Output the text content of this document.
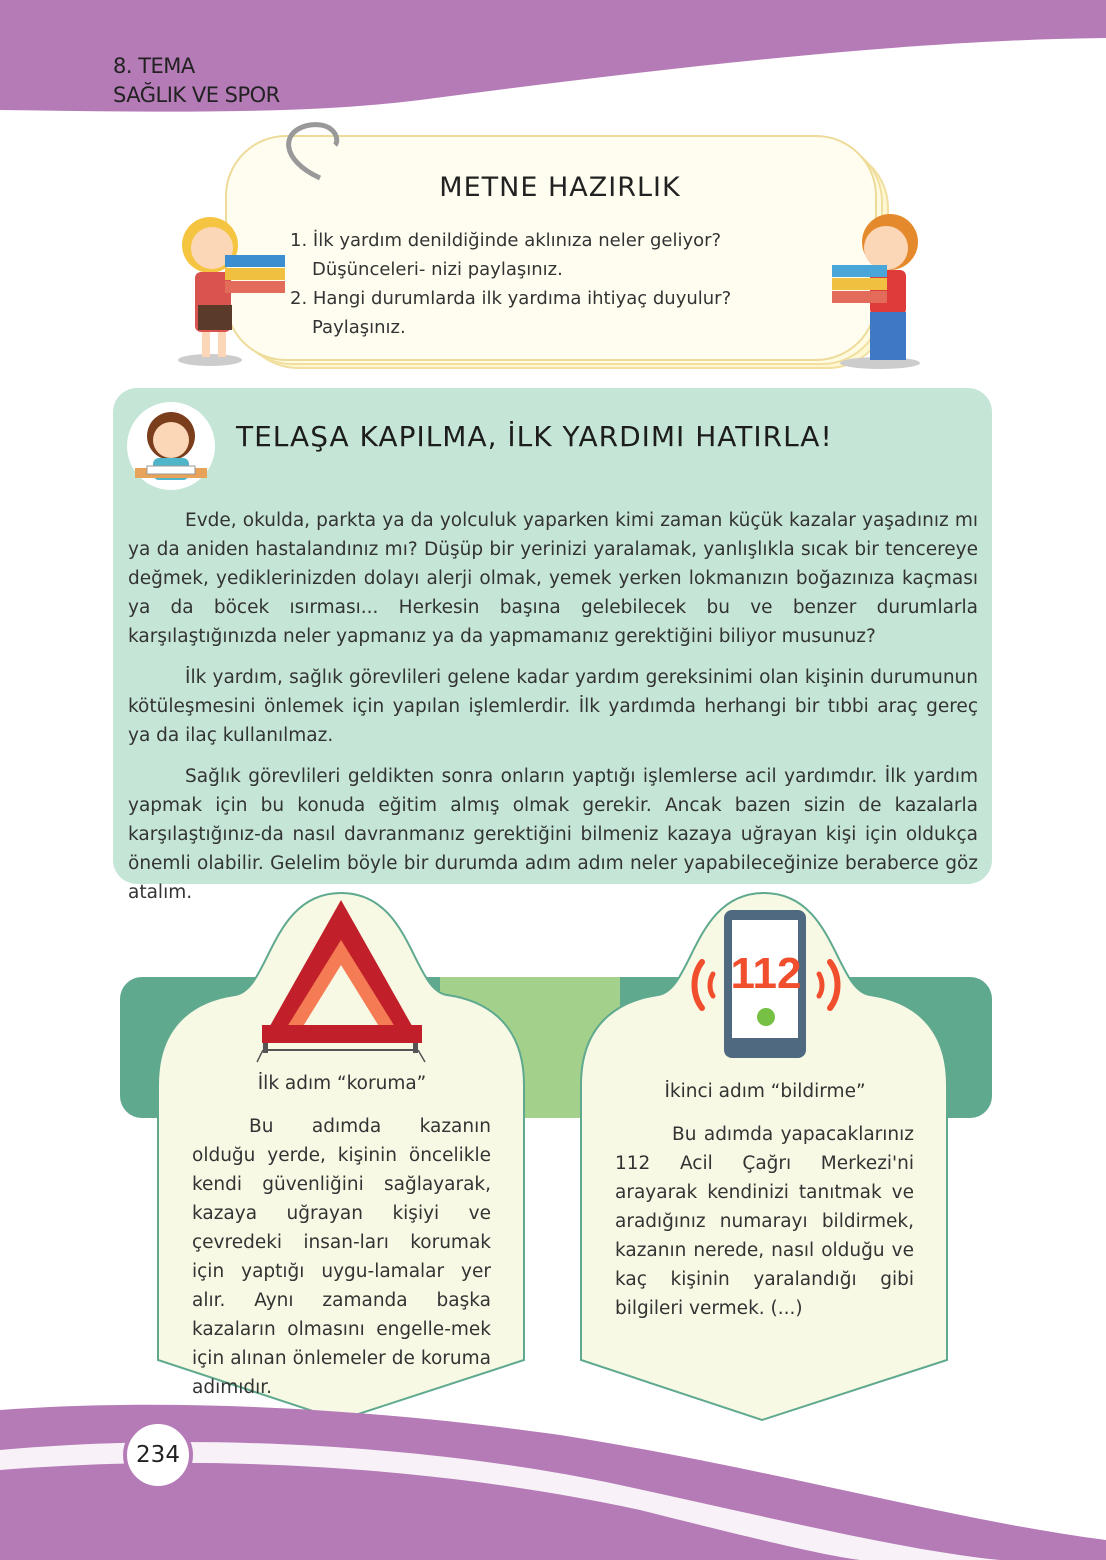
8. TEMA
SAĞLIK VE SPOR
METNE HAZIRLIK
1. İlk yardım denildiğinde aklınıza neler geliyor? Düşünceleri- nizi paylaşınız.
2. Hangi durumlarda ilk yardıma ihtiyaç duyulur? Paylaşınız.
TELAŞA KAPILMA, İLK YARDIMI HATIRLA!

Evde, okulda, parkta ya da yolculuk yaparken kimi zaman küçük kazalar yaşadınız mı ya da aniden hastalandınız mı? Düşüp bir yerinizi yaralamak, yanlışlıkla sıcak bir tencereye değmek, yediklerinizden dolayı alerji olmak, yemek yerken lokmanızın boğazınıza kaçması ya da böcek ısırması... Herkesin başına gelebilecek bu ve benzer durumlarla karşılaştığınızda neler yapmanız ya da yapmamanız gerektiğini biliyor musunuz?

İlk yardım, sağlık görevlileri gelene kadar yardım gereksinimi olan kişinin durumunun kötüleşmesini önlemek için yapılan işlemlerdir. İlk yardımda herhangi bir tıbbi araç gereç ya da ilaç kullanılmaz.

Sağlık görevlileri geldikten sonra onların yaptığı işlemlerse acil yardımdır. İlk yardım yapmak için bu konuda eğitim almış olmak gerekir. Ancak bazen sizin de kazalarla karşılaştığınız-da nasıl davranmanız gerektiğini bilmeniz kazaya uğrayan kişi için oldukça önemli olabilir. Gelelim böyle bir durumda adım adım neler yapabileceğinize beraberce göz atalım.

112
İlk adım “koruma”

Bu adımda kazanın olduğu yerde, kişinin öncelikle kendi güvenliğini sağlayarak, kazaya uğrayan kişiyi ve çevredeki insan-ları korumak için yaptığı uygu-lamalar yer alır. Aynı zamanda başka kazaların olmasını engelle-mek için alınan önlemeler de koruma adımıdır.

İkinci adım “bildirme”

Bu adımda yapacaklarınız 112 Acil Çağrı Merkezi'ni arayarak kendinizi tanıtmak ve aradığınız numarayı bildirmek, kazanın nerede, nasıl olduğu ve kaç kişinin yaralandığı gibi bilgileri vermek. (...)

234
